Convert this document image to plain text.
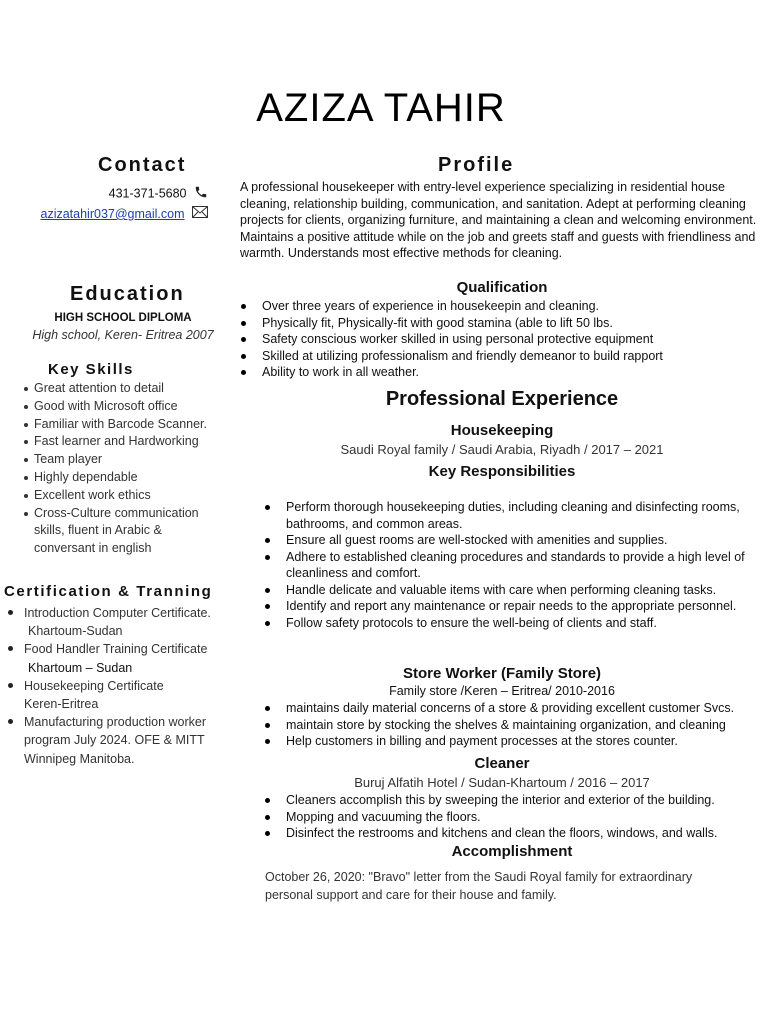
AZIZA TAHIR
Contact
431-371-5680
azizatahir037@gmail.com
Education
HIGH SCHOOL DIPLOMA
High school, Keren- Eritrea 2007
Key Skills
Great attention to detail
Good with Microsoft office
Familiar with Barcode Scanner.
Fast learner and Hardworking
Team player
Highly dependable
Excellent work ethics
Cross-Culture communication skills, fluent in Arabic & conversant in english
Certification & Tranning
Introduction Computer Certificate.
Khartoum-Sudan
Food Handler Training Certificate
Khartoum – Sudan
Housekeeping Certificate
Keren-Eritrea
Manufacturing production worker program July 2024. OFE & MITT Winnipeg Manitoba.
Profile
A professional housekeeper with entry-level experience specializing in residential house cleaning, relationship building, communication, and sanitation. Adept at performing cleaning projects for clients, organizing furniture, and maintaining a clean and welcoming environment. Maintains a positive attitude while on the job and greets staff and guests with friendliness and warmth. Understands most effective methods for cleaning.
Qualification
Over three years of experience in housekeepin and cleaning.
Physically fit, Physically-fit with good stamina (able to lift 50 lbs.
Safety conscious worker skilled in using personal protective equipment
Skilled at utilizing professionalism and friendly demeanor to build rapport
Ability to work in all weather.
Professional Experience
Housekeeping
Saudi Royal family / Saudi Arabia, Riyadh / 2017 – 2021
Key Responsibilities
Perform thorough housekeeping duties, including cleaning and disinfecting rooms, bathrooms, and common areas.
Ensure all guest rooms are well-stocked with amenities and supplies.
Adhere to established cleaning procedures and standards to provide a high level of cleanliness and comfort.
Handle delicate and valuable items with care when performing cleaning tasks.
Identify and report any maintenance or repair needs to the appropriate personnel.
Follow safety protocols to ensure the well-being of clients and staff.
Store Worker (Family Store)
Family store /Keren – Eritrea/ 2010-2016
maintains daily material concerns of a store & providing excellent customer Svcs.
maintain store by stocking the shelves & maintaining organization, and cleaning
Help customers in billing and payment processes at the stores counter.
Cleaner
Buruj Alfatih Hotel / Sudan-Khartoum / 2016 – 2017
Cleaners accomplish this by sweeping the interior and exterior of the building.
Mopping and vacuuming the floors.
Disinfect the restrooms and kitchens and clean the floors, windows, and walls.
Accomplishment
October 26, 2020: "Bravo" letter from the Saudi Royal family for extraordinary personal support and care for their house and family.
